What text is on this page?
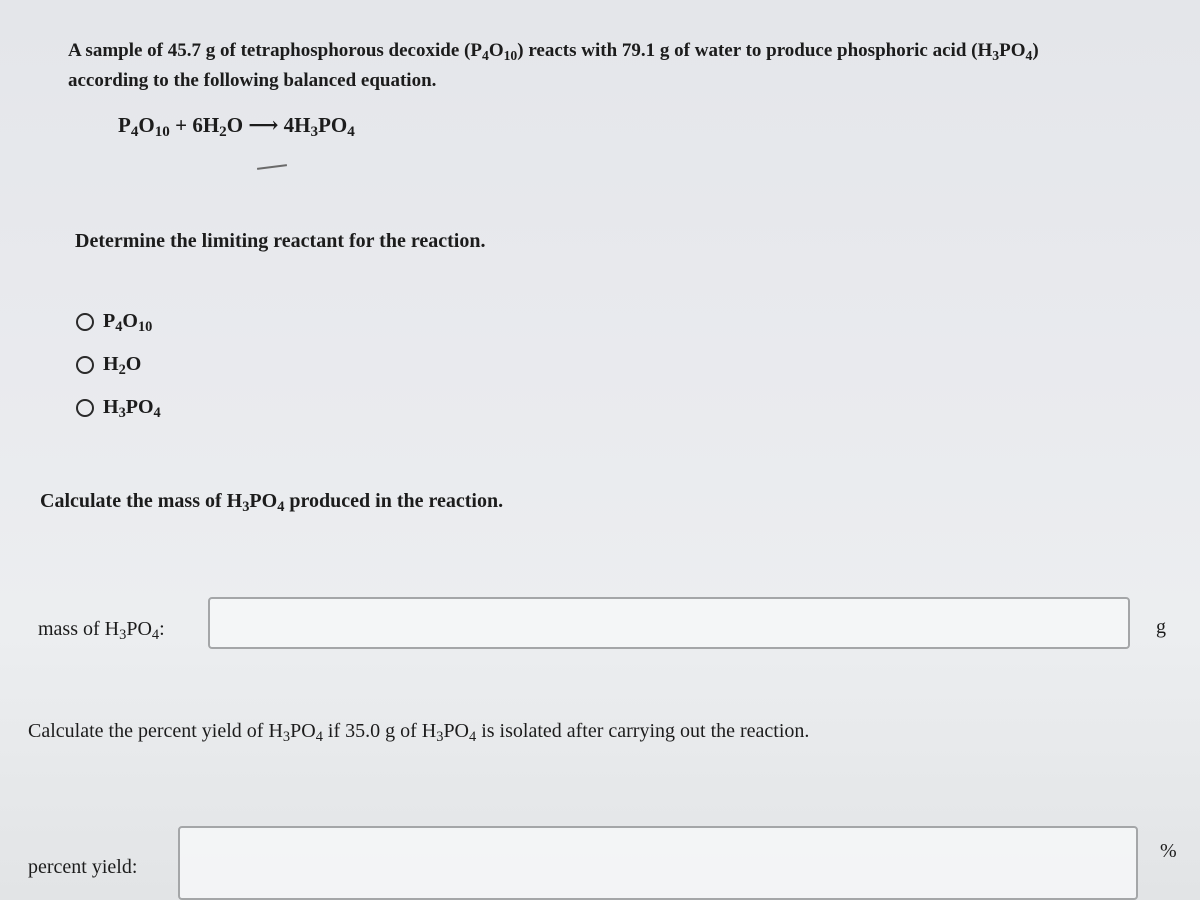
A sample of 45.7 g of tetraphosphorous decoxide $(P_4O_{10})$ reacts with 79.1 g of water to produce phosphoric acid $(H_3PO_4)$
according to the following balanced equation.
$P_4O_{10} + 6H_2O$ ⟶ $4H_3PO_4$
Determine the limiting reactant for the reaction.
$P_4O_{10}$
$H_2O$
$H_3PO_4$
Calculate the mass of $H_3PO_4$ produced in the reaction.
mass of $H_3PO_4$:	g
Calculate the percent yield of $H_3PO_4$ if 35.0 g of $H_3PO_4$ is isolated after carrying out the reaction.
percent yield:
%
